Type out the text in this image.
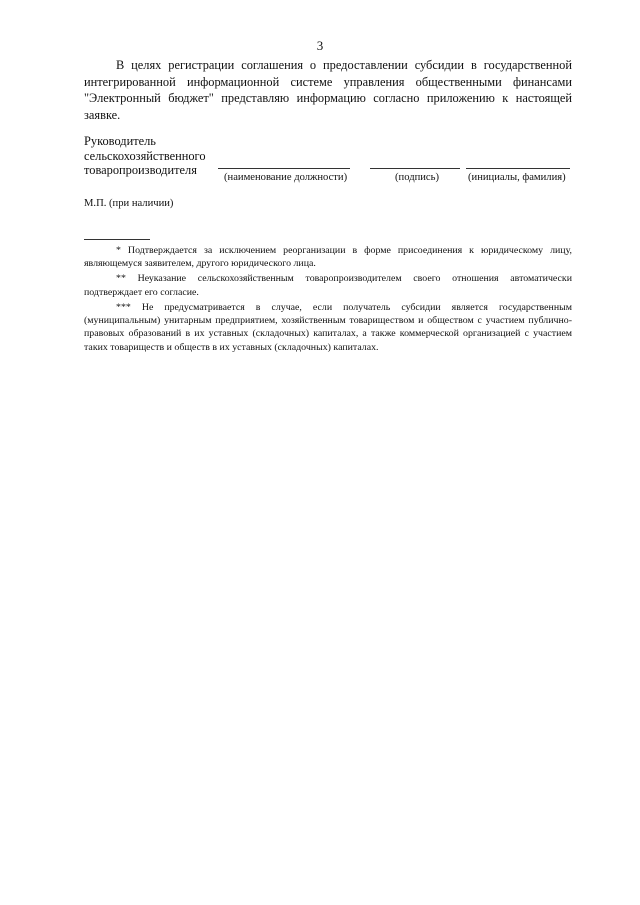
3

В целях регистрации соглашения о предоставлении субсидии в государственной интегрированной информационной системе управления общественными финансами "Электронный бюджет" представляю информацию согласно приложению к настоящей заявке.

Руководитель
сельскохозяйственного
товаропроизводителя
(наименование должности)	(подпись)	(инициалы, фамилия)
М.П. (при наличии)

* Подтверждается за исключением реорганизации в форме присоединения к юридическому лицу, являющемуся заявителем, другого юридического лица.

** Неуказание сельскохозяйственным товаропроизводителем своего отношения автоматически подтверждает его согласие.

*** Не предусматривается в случае, если получатель субсидии является государственным (муниципальным) унитарным предприятием, хозяйственным товариществом и обществом с участием публично-правовых образований в их уставных (складочных) капиталах, а также коммерческой организацией с участием таких товариществ и обществ в их уставных (складочных) капиталах.
